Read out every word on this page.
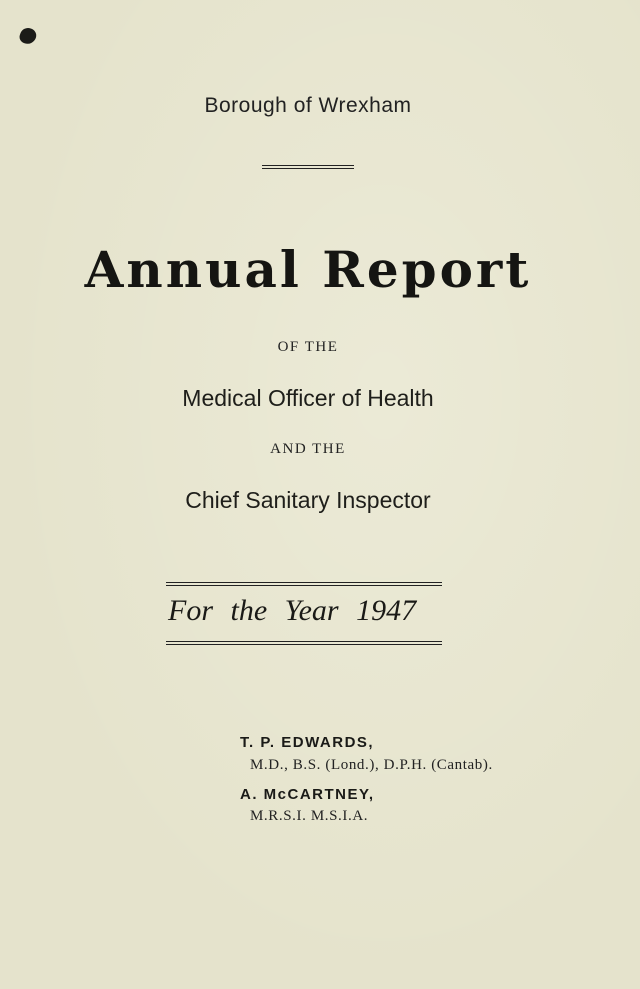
Borough of Wrexham
Annual Report
OF THE
Medical Officer of Health
AND THE
Chief Sanitary Inspector
For the Year 1947
T. P. EDWARDS,
M.D., B.S. (Lond.), D.P.H. (Cantab).
A. McCARTNEY,
M.R.S.I. M.S.I.A.
